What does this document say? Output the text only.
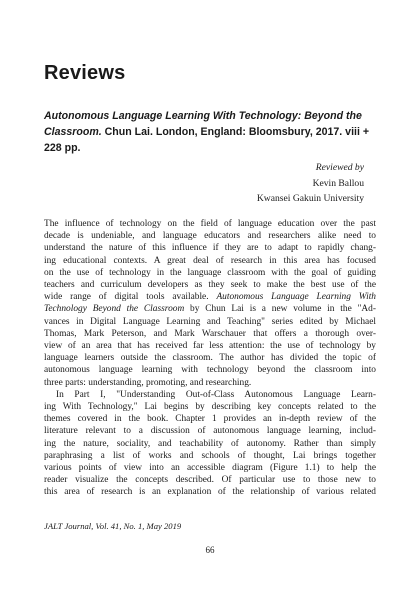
Reviews
Autonomous Language Learning With Technology: Beyond the Classroom. Chun Lai. London, England: Bloomsbury, 2017. viii + 228 pp.
Reviewed by
Kevin Ballou
Kwansei Gakuin University
The influence of technology on the field of language education over the past
decade is undeniable, and language educators and researchers alike need to
understand the nature of this influence if they are to adapt to rapidly chang-
ing educational contexts. A great deal of research in this area has focused
on the use of technology in the language classroom with the goal of guiding
teachers and curriculum developers as they seek to make the best use of the
wide range of digital tools available. Autonomous Language Learning With
Technology Beyond the Classroom by Chun Lai is a new volume in the "Ad-
vances in Digital Language Learning and Teaching" series edited by Michael
Thomas, Mark Peterson, and Mark Warschauer that offers a thorough over-
view of an area that has received far less attention: the use of technology by
language learners outside the classroom. The author has divided the topic of
autonomous language learning with technology beyond the classroom into
three parts: understanding, promoting, and researching.
In Part I, "Understanding Out-of-Class Autonomous Language Learn-
ing With Technology," Lai begins by describing key concepts related to the
themes covered in the book. Chapter 1 provides an in-depth review of the
literature relevant to a discussion of autonomous language learning, includ-
ing the nature, sociality, and teachability of autonomy. Rather than simply
paraphrasing a list of works and schools of thought, Lai brings together
various points of view into an accessible diagram (Figure 1.1) to help the
reader visualize the concepts described. Of particular use to those new to
this area of research is an explanation of the relationship of various related
JALT Journal, Vol. 41, No. 1, May 2019
66
